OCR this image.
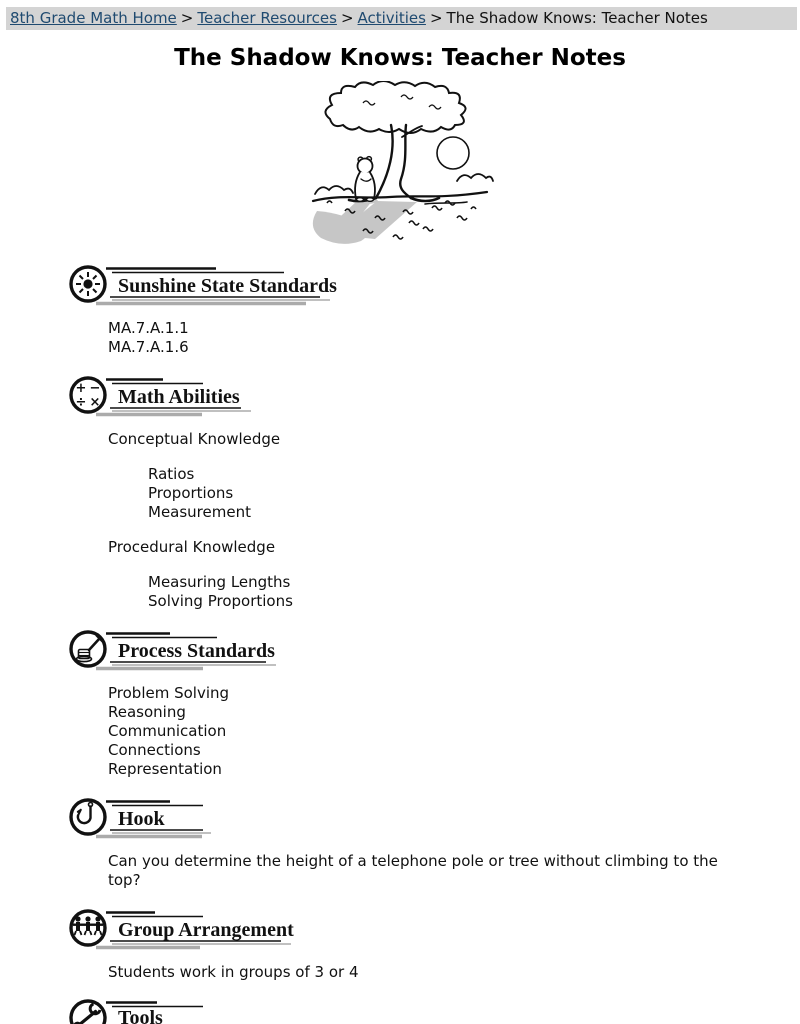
8th Grade Math Home > Teacher Resources > Activities > The Shadow Knows: Teacher Notes
The Shadow Knows: Teacher Notes
Sunshine State Standards
MA.7.A.1.1
MA.7.A.1.6
+ −
÷ × Math Abilities
Conceptual Knowledge
Ratios
Proportions
Measurement
Procedural Knowledge
Measuring Lengths
Solving Proportions
Process Standards
Problem Solving
Reasoning
Communication
Connections
Representation
Hook
Can you determine the height of a telephone pole or tree without climbing to the top?
Group Arrangement
Students work in groups of 3 or 4
Tools
